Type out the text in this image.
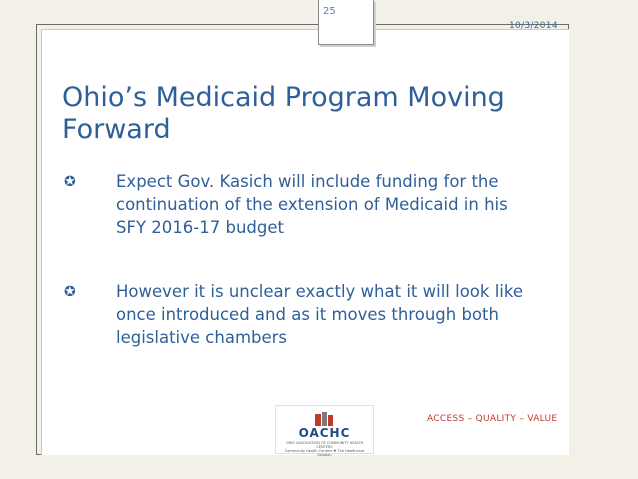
25
10/3/2014
Ohio’s Medicaid Program Moving Forward
✪	Expect Gov. Kasich will include funding for the continuation of the extension of Medicaid in his SFY 2016-17 budget
✪	However it is unclear exactly what it will look like once introduced and as it moves through both legislative chambers
OACHC
OHIO ASSOCIATION OF COMMUNITY HEALTH CENTERS
Community Health Centers ✚ The Healthcare Solution
ACCESS – QUALITY – VALUE
